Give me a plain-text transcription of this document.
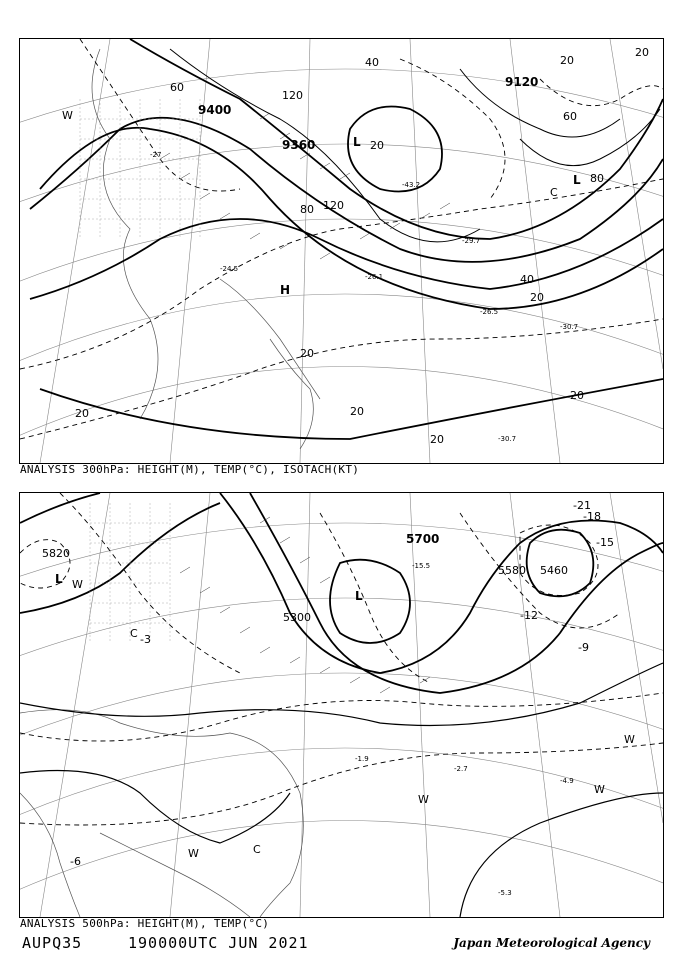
9360
9400
9120
20
20
20
20
20
20
20
20
20
40
40
60
60
80
80
120
120
L
L
H
W
C
-27
-24.5
-26.1
-29.7
-43.2
-26.5
-30.7
-30.7
ANALYSIS 300hPa: HEIGHT(M), TEMP(°C), ISOTACH(KT)
5820
5700
5580 5460
5300
-3
-6
-9
-12
-15
-18
-21
L
L
W
C
C
W
W
W
W
-1.9
-4.9
-5.3
-2.7
-15.5
ANALYSIS 500hPa: HEIGHT(M), TEMP(°C)
AUPQ35	190000UTC JUN 2021	Japan Meteorological Agency
